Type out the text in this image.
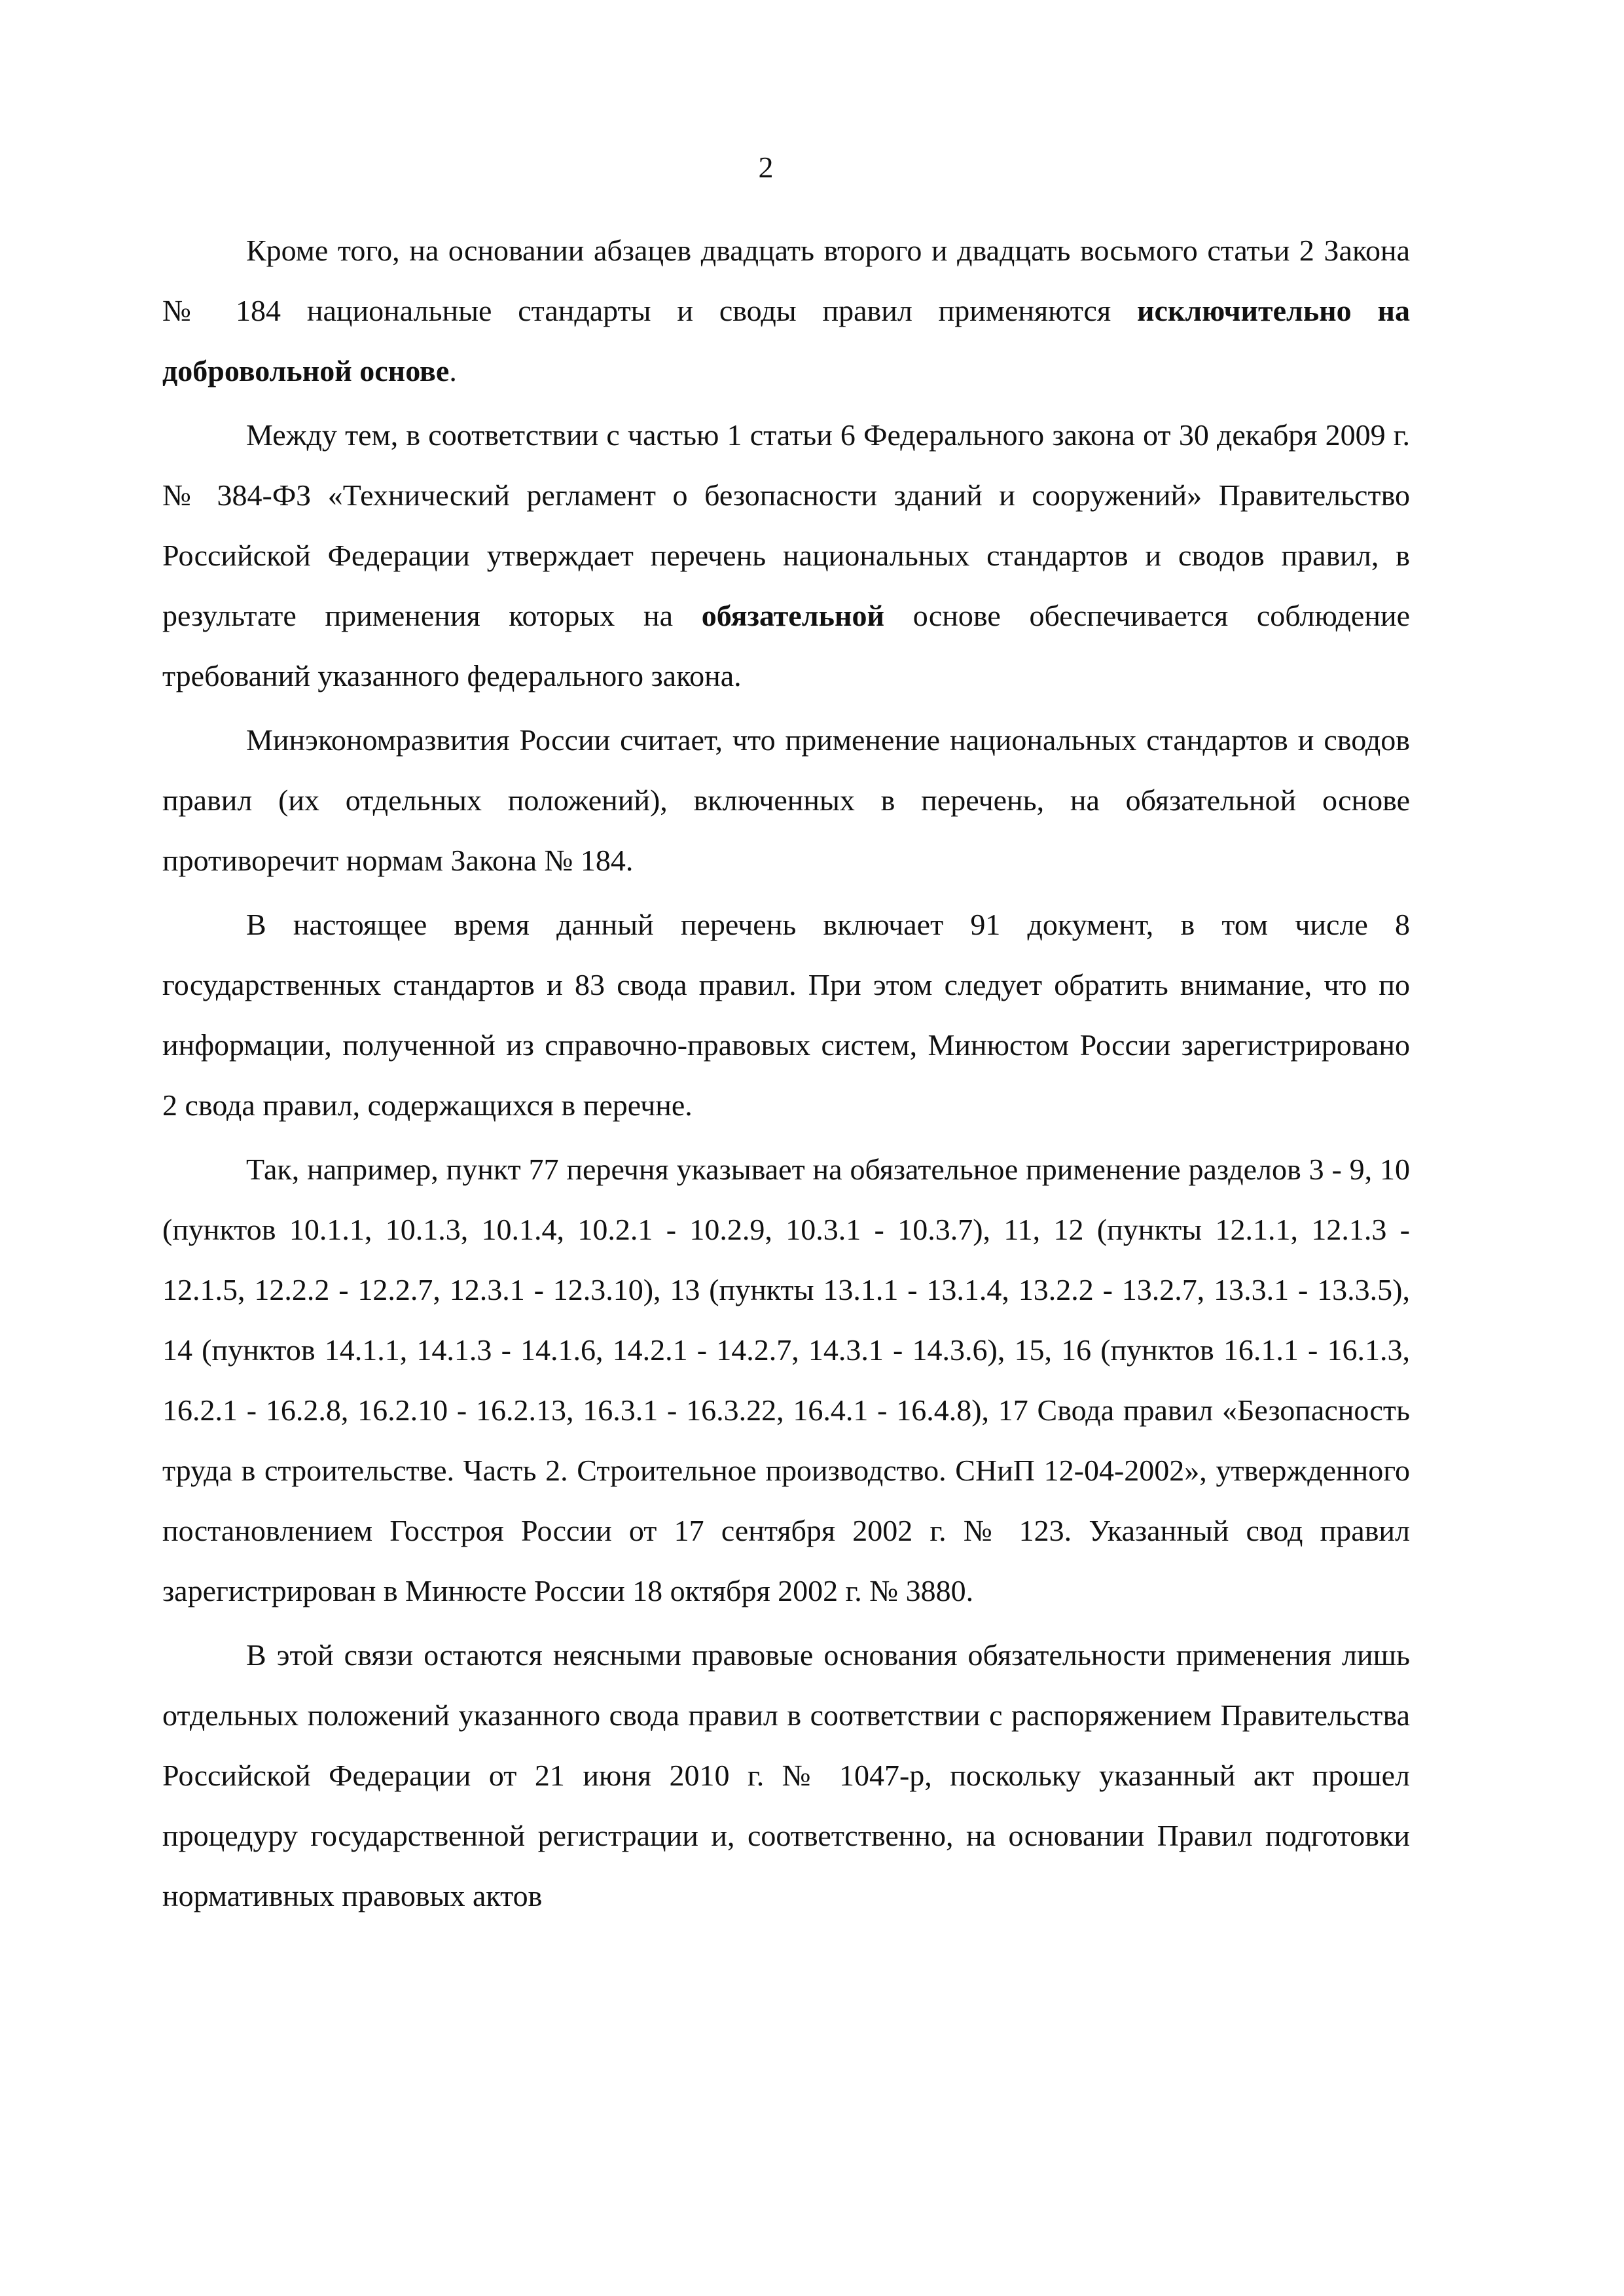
2

Кроме того, на основании абзацев двадцать второго и двадцать восьмого статьи 2 Закона № 184 национальные стандарты и своды правил применяются исключительно на добровольной основе.

Между тем, в соответствии с частью 1 статьи 6 Федерального закона от 30 декабря 2009 г. № 384-ФЗ «Технический регламент о безопасности зданий и сооружений» Правительство Российской Федерации утверждает перечень национальных стандартов и сводов правил, в результате применения которых на обязательной основе обеспечивается соблюдение требований указанного федерального закона.

Минэкономразвития России считает, что применение национальных стандартов и сводов правил (их отдельных положений), включенных в перечень, на обязательной основе противоречит нормам Закона № 184.

В настоящее время данный перечень включает 91 документ, в том числе 8 государственных стандартов и 83 свода правил. При этом следует обратить внимание, что по информации, полученной из справочно-правовых систем, Минюстом России зарегистрировано 2 свода правил, содержащихся в перечне.

Так, например, пункт 77 перечня указывает на обязательное применение разделов 3 - 9, 10 (пунктов 10.1.1, 10.1.3, 10.1.4, 10.2.1 - 10.2.9, 10.3.1 - 10.3.7), 11, 12 (пункты 12.1.1, 12.1.3 - 12.1.5, 12.2.2 - 12.2.7, 12.3.1 - 12.3.10), 13 (пункты 13.1.1 - 13.1.4, 13.2.2 - 13.2.7, 13.3.1 - 13.3.5), 14 (пунктов 14.1.1, 14.1.3 - 14.1.6, 14.2.1 - 14.2.7, 14.3.1 - 14.3.6), 15, 16 (пунктов 16.1.1 - 16.1.3, 16.2.1 - 16.2.8, 16.2.10 - 16.2.13, 16.3.1 - 16.3.22, 16.4.1 - 16.4.8), 17 Свода правил «Безопасность труда в строительстве. Часть 2. Строительное производство. СНиП 12-04-2002», утвержденного постановлением Госстроя России от 17 сентября 2002 г. № 123. Указанный свод правил зарегистрирован в Минюсте России 18 октября 2002 г. № 3880.

В этой связи остаются неясными правовые основания обязательности применения лишь отдельных положений указанного свода правил в соответствии с распоряжением Правительства Российской Федерации от 21 июня 2010 г. № 1047-р, поскольку указанный акт прошел процедуру государственной регистрации и, соответственно, на основании Правил подготовки нормативных правовых актов
